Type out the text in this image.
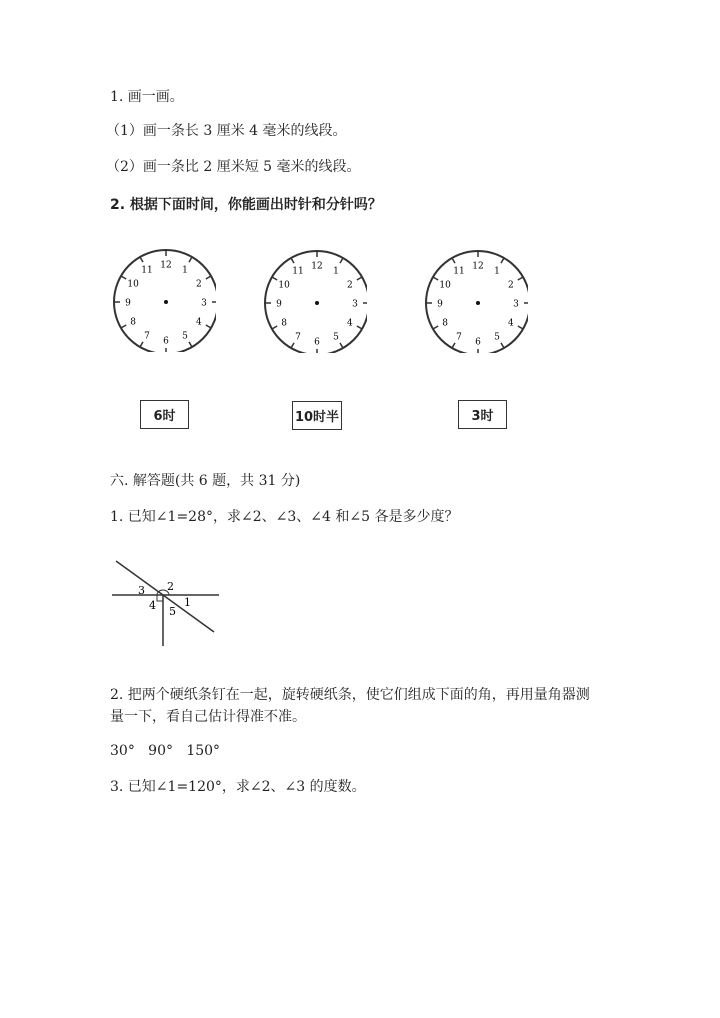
1. 画一画。
（1）画一条长 3 厘米 4 毫米的线段。
（2）画一条比 2 厘米短 5 毫米的线段。
2. 根据下面时间，你能画出时针和分针吗？
12
1
2
3
4
5
6
7
8
9
10
11	12
1
2
3
4
5
6
7
8
9
10
11
12
1
2
3
4
5
6
7
8
9
10
11
6时	10时半	3时
六. 解答题(共 6 题，共 31 分)
1. 已知∠1=28°，求∠2、∠3、∠4 和∠5 各是多少度？
3 2
4	1
5
2. 把两个硬纸条钉在一起，旋转硬纸条，使它们组成下面的角，再用量角器测
量一下，看自己估计得准不准。
30°   90°   150°
3. 已知∠1=120°，求∠2、∠3 的度数。
